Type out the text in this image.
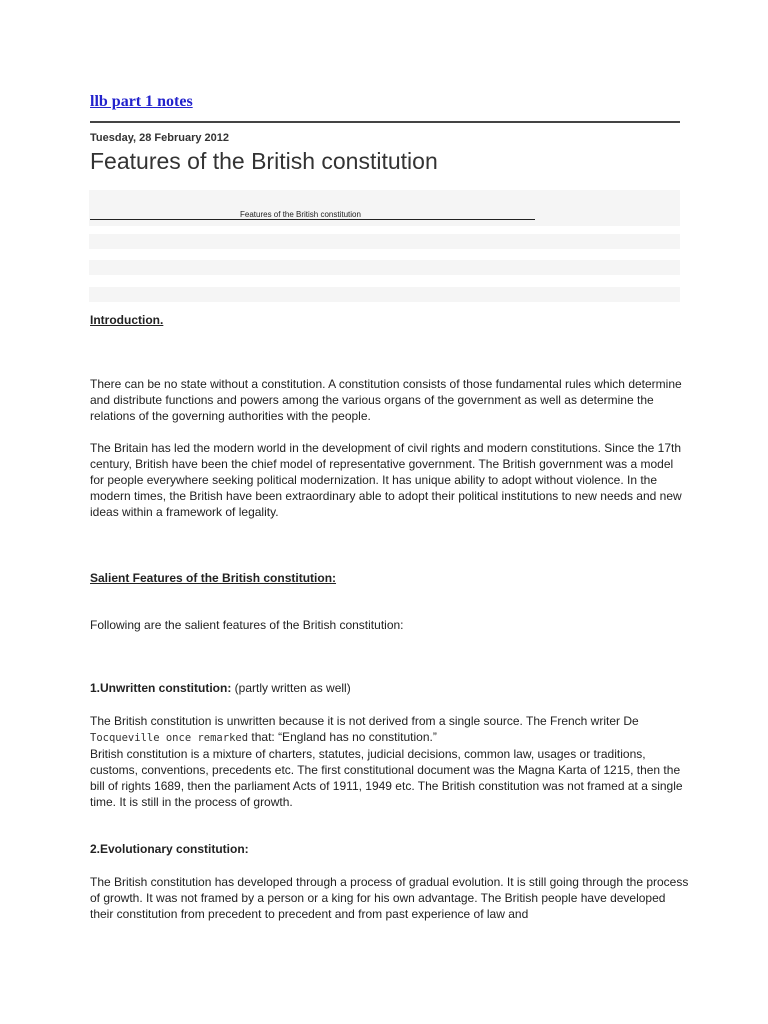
llb part 1 notes
Tuesday, 28 February 2012
Features of the British constitution
Features of the British constitution
Introduction.

There can be no state without a constitution. A constitution consists of those fundamental rules which determine and distribute functions and powers among the various organs of the government as well as determine the relations of the governing authorities with the people.

The Britain has led the modern world in the development of civil rights and modern constitutions. Since the 17th century, British have been the chief model of representative government. The British government was a model for people everywhere seeking political modernization. It has unique ability to adopt without violence. In the modern times, the British have been extraordinary able to adopt their political institutions to new needs and new ideas within a framework of legality.

Salient Features of the British constitution:

Following are the salient features of the British constitution:

1.Unwritten constitution: (partly written as well)

The British constitution is unwritten because it is not derived from a single source. The French writer De
Tocqueville once remarked that: “England has no constitution.”
British constitution is a mixture of charters, statutes, judicial decisions, common law, usages or traditions, customs, conventions, precedents etc. The first constitutional document was the Magna Karta of 1215, then the bill of rights 1689, then the parliament Acts of 1911, 1949 etc. The British constitution was not framed at a single time. It is still in the process of growth.

2.Evolutionary constitution:

The British constitution has developed through a process of gradual evolution. It is still going through the process of growth. It was not framed by a person or a king for his own advantage. The British people have developed their constitution from precedent to precedent and from past experience of law and
